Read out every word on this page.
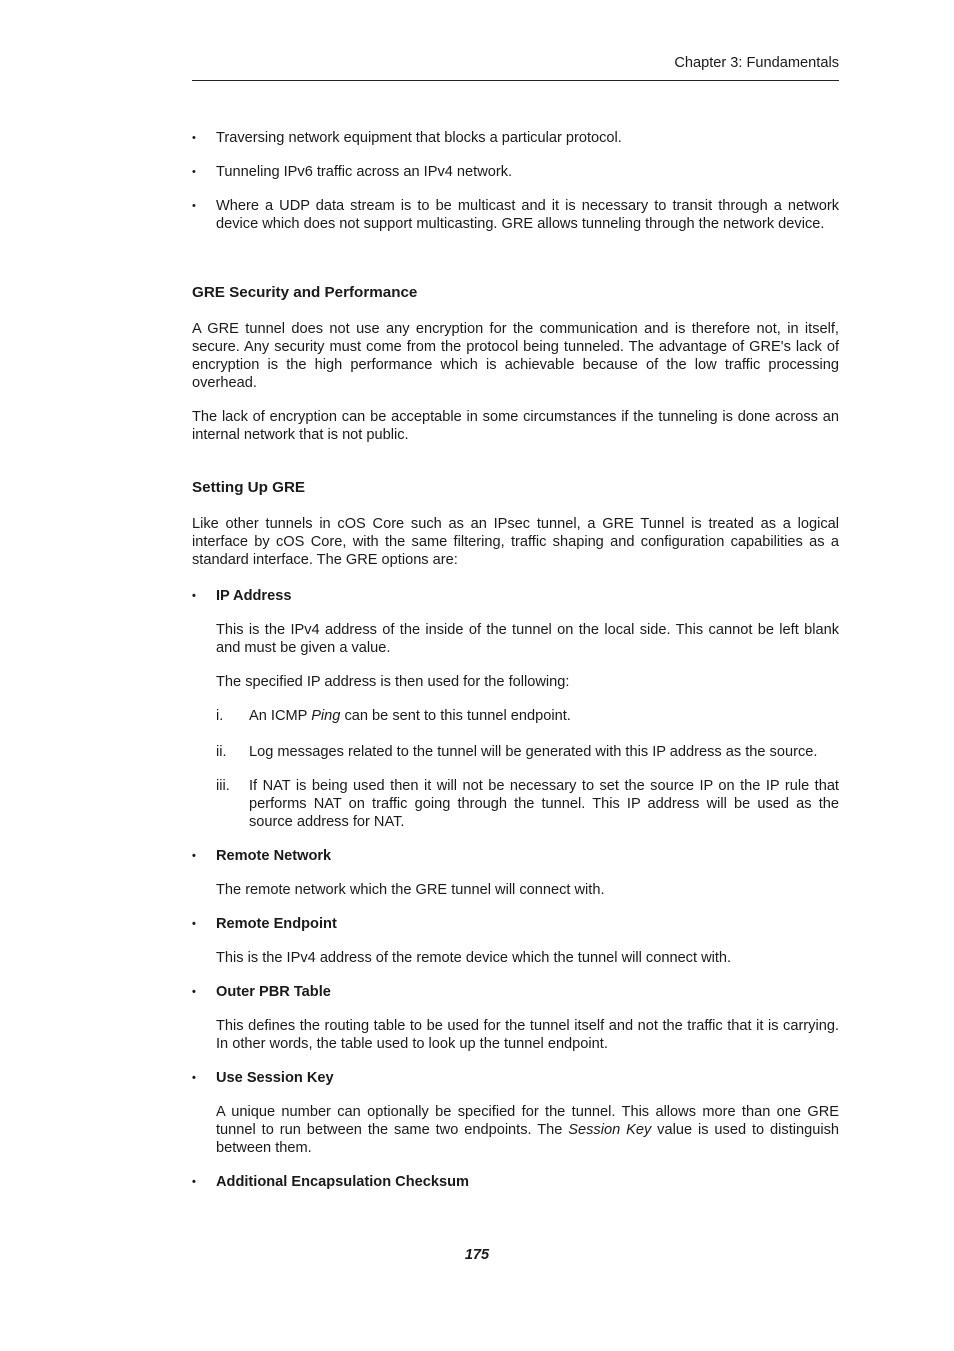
Chapter 3: Fundamentals
• Traversing network equipment that blocks a particular protocol.
• Tunneling IPv6 traffic across an IPv4 network.
• Where a UDP data stream is to be multicast and it is necessary to transit through a network device which does not support multicasting. GRE allows tunneling through the network device.
GRE Security and Performance

A GRE tunnel does not use any encryption for the communication and is therefore not, in itself, secure. Any security must come from the protocol being tunneled. The advantage of GRE's lack of encryption is the high performance which is achievable because of the low traffic processing overhead.

The lack of encryption can be acceptable in some circumstances if the tunneling is done across an internal network that is not public.

Setting Up GRE

Like other tunnels in cOS Core such as an IPsec tunnel, a GRE Tunnel is treated as a logical interface by cOS Core, with the same filtering, traffic shaping and configuration capabilities as a standard interface. The GRE options are:

• IP Address

This is the IPv4 address of the inside of the tunnel on the local side. This cannot be left blank and must be given a value.

The specified IP address is then used for the following:

i. An ICMP Ping can be sent to this tunnel endpoint.
ii. Log messages related to the tunnel will be generated with this IP address as the source.
iii. If NAT is being used then it will not be necessary to set the source IP on the IP rule that performs NAT on traffic going through the tunnel. This IP address will be used as the source address for NAT.
• Remote Network

The remote network which the GRE tunnel will connect with.

• Remote Endpoint

This is the IPv4 address of the remote device which the tunnel will connect with.

• Outer PBR Table

This defines the routing table to be used for the tunnel itself and not the traffic that it is carrying. In other words, the table used to look up the tunnel endpoint.

• Use Session Key

A unique number can optionally be specified for the tunnel. This allows more than one GRE tunnel to run between the same two endpoints. The Session Key value is used to distinguish between them.

• Additional Encapsulation Checksum
175
